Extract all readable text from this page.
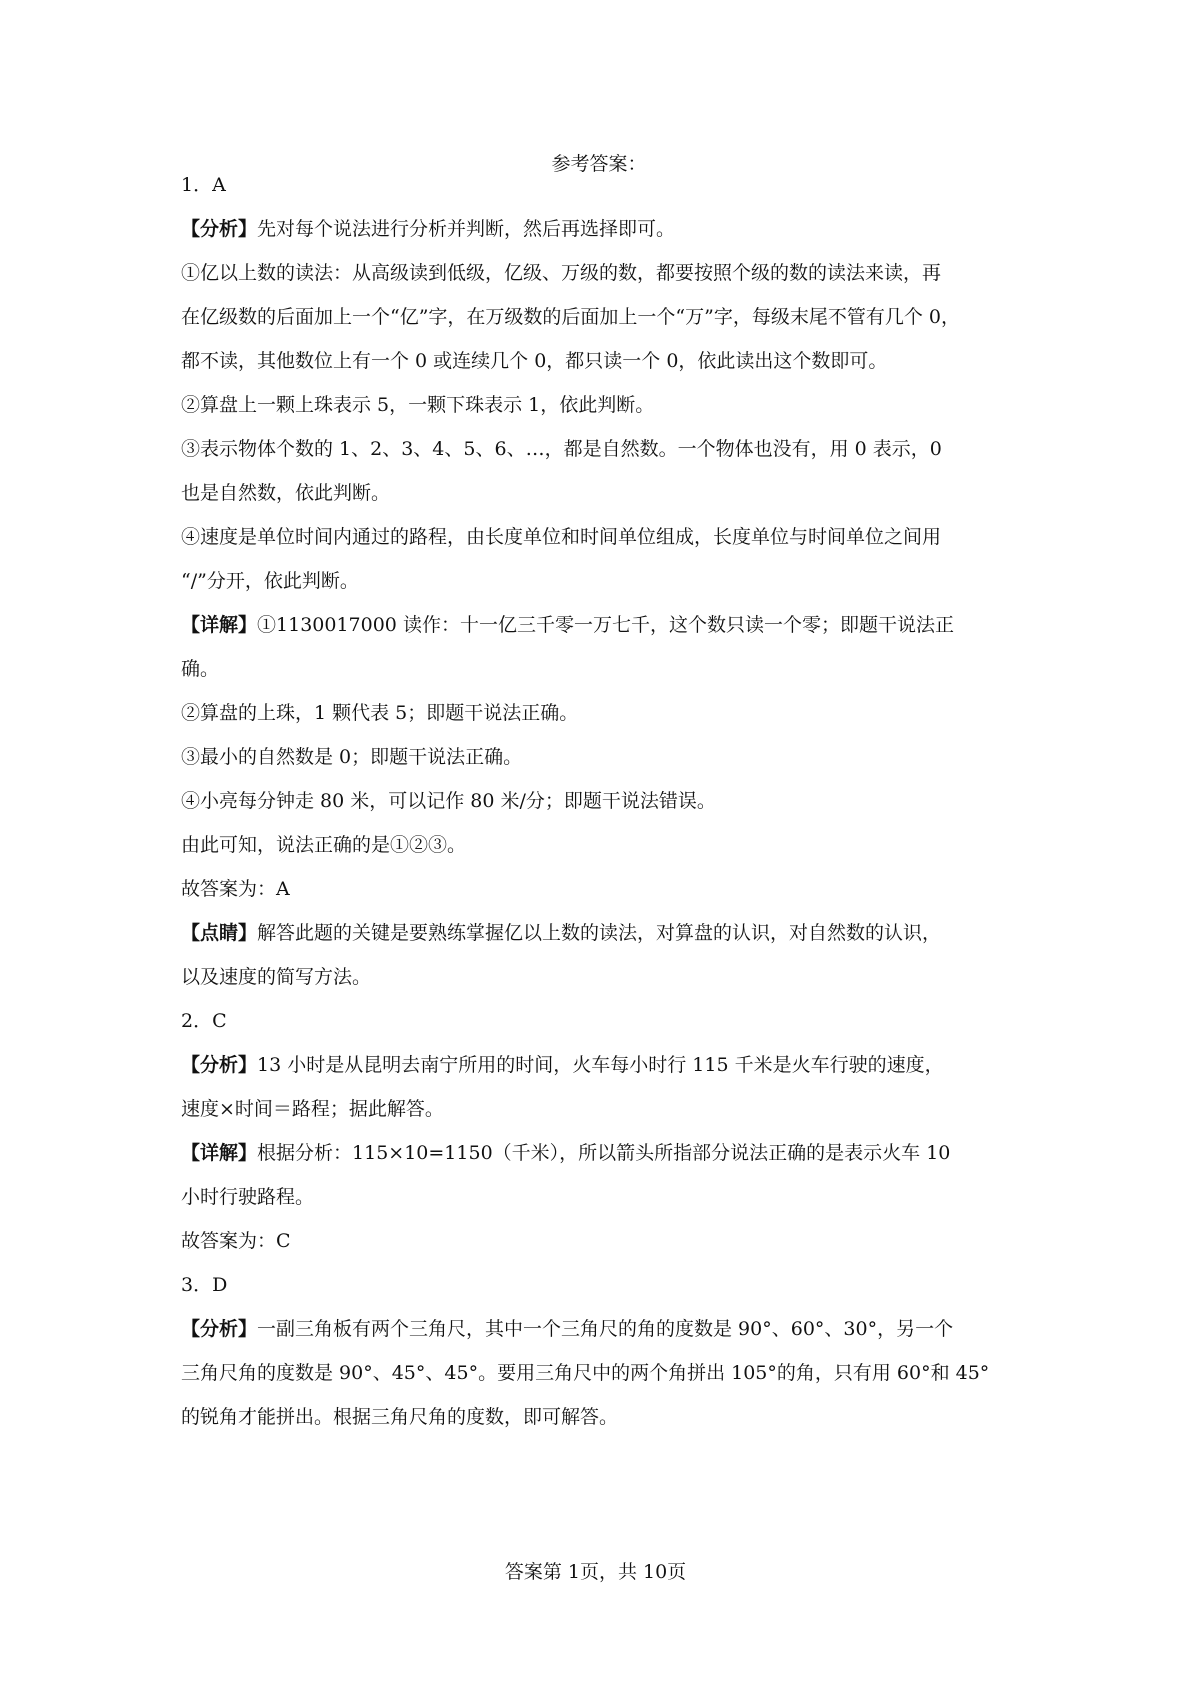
参考答案：
1．A
【分析】先对每个说法进行分析并判断，然后再选择即可。
①亿以上数的读法：从高级读到低级，亿级、万级的数，都要按照个级的数的读法来读，再
在亿级数的后面加上一个“亿”字，在万级数的后面加上一个“万”字，每级末尾不管有几个 0，
都不读，其他数位上有一个 0 或连续几个 0，都只读一个 0，依此读出这个数即可。
②算盘上一颗上珠表示 5，一颗下珠表示 1，依此判断。
③表示物体个数的 1、2、3、4、5、6、…，都是自然数。一个物体也没有，用 0 表示，0
也是自然数，依此判断。
④速度是单位时间内通过的路程，由长度单位和时间单位组成，长度单位与时间单位之间用
“/”分开，依此判断。
【详解】①1130017000 读作：十一亿三千零一万七千，这个数只读一个零；即题干说法正
确。
②算盘的上珠，1 颗代表 5；即题干说法正确。
③最小的自然数是 0；即题干说法正确。
④小亮每分钟走 80 米，可以记作 80 米/分；即题干说法错误。
由此可知，说法正确的是①②③。
故答案为：A
【点睛】解答此题的关键是要熟练掌握亿以上数的读法，对算盘的认识，对自然数的认识，
以及速度的简写方法。
2．C
【分析】13 小时是从昆明去南宁所用的时间，火车每小时行 115 千米是火车行驶的速度，
速度×时间＝路程；据此解答。
【详解】根据分析：115×10=1150（千米），所以箭头所指部分说法正确的是表示火车 10
小时行驶路程。
故答案为：C
3．D
【分析】一副三角板有两个三角尺，其中一个三角尺的角的度数是 90°、60°、30°，另一个
三角尺角的度数是 90°、45°、45°。要用三角尺中的两个角拼出 105°的角，只有用 60°和 45°
的锐角才能拼出。根据三角尺角的度数，即可解答。
答案第 1页，共 10页
